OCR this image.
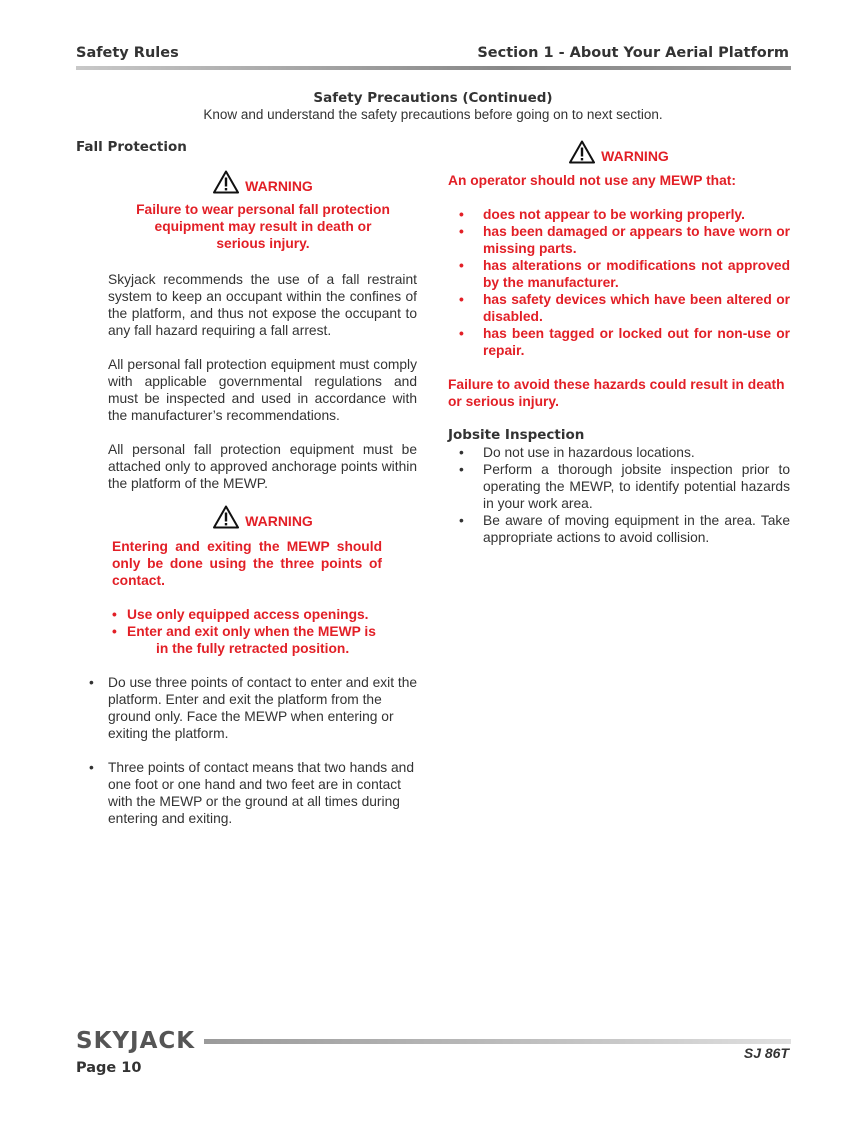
Safety Rules	Section 1 - About Your Aerial Platform
Safety Precautions (Continued)
Know and understand the safety precautions before going on to next section.
Fall Protection
WARNING
Failure to wear personal fall protection
equipment may result in death or
serious injury.
Skyjack recommends the use of a fall restraint system to keep an occupant within the confines of the platform, and thus not expose the occupant to any fall hazard requiring a fall arrest.
All personal fall protection equipment must comply with applicable governmental regulations and must be inspected and used in accordance with the manufacturer’s recommendations.
All personal fall protection equipment must be attached only to approved anchorage points within the platform of the MEWP.
WARNING
Entering and exiting the MEWP should only be done using the three points of contact.
• Use only equipped access openings.
• Enter and exit only when the MEWP is
in the fully retracted position.
• Do use three points of contact to enter and exit the platform. Enter and exit the platform from the ground only. Face the MEWP when entering or exiting the platform.
• Three points of contact means that two hands and one foot or one hand and two feet are in contact with the MEWP or the ground at all times during entering and exiting.
WARNING
An operator should not use any MEWP that:
• does not appear to be working properly.
• has been damaged or appears to have worn or missing parts.
• has alterations or modifications not approved by the manufacturer.
• has safety devices which have been altered or disabled.
• has been tagged or locked out for non-use or repair.
Failure to avoid these hazards could result in death or serious injury.
Jobsite Inspection
• Do not use in hazardous locations.
• Perform a thorough jobsite inspection prior to operating the MEWP, to identify potential hazards in your work area.
• Be aware of moving equipment in the area. Take appropriate actions to avoid collision.
SKYJACK	SJ 86T
Page 10
